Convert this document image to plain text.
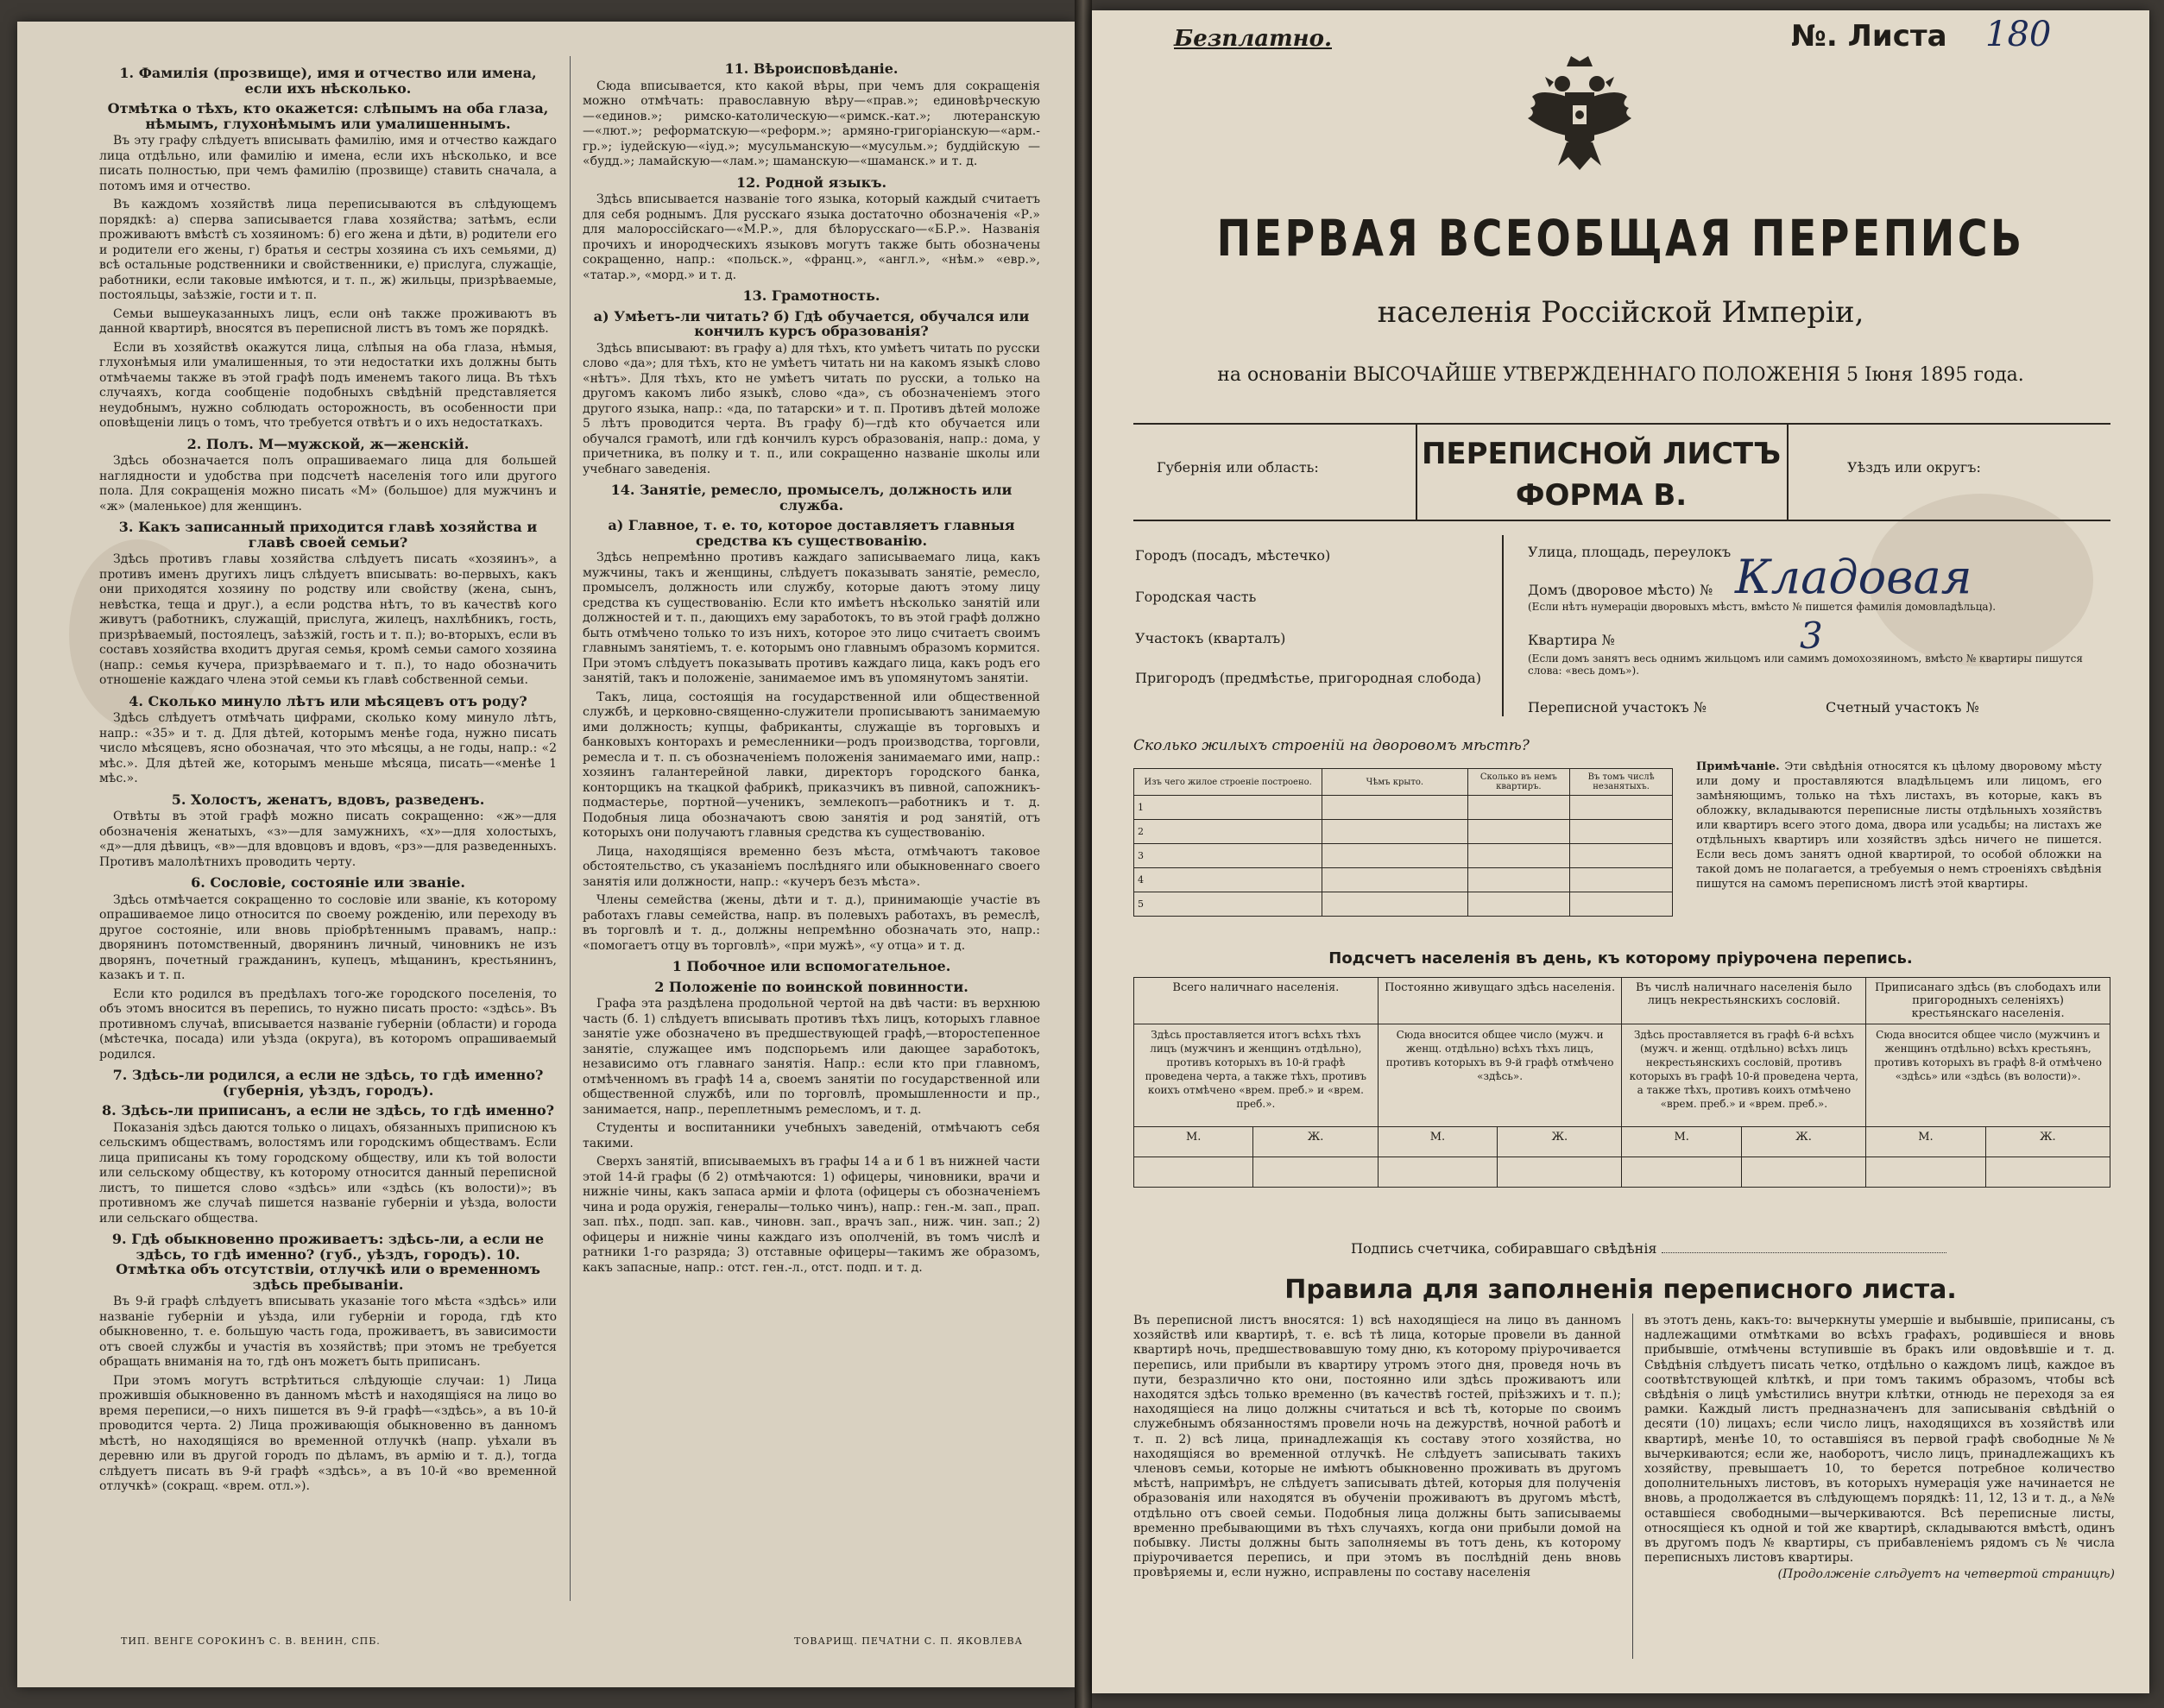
1. Фамилія (прозвище), имя и отчество или имена, если ихъ нѣсколько.
Отмѣтка о тѣхъ, кто окажется: слѣпымъ на оба глаза, нѣмымъ, глухонѣмымъ или умалишеннымъ.

Въ эту графу слѣдуетъ вписывать фамилію, имя и отчество каждаго лица отдѣльно, или фамилію и имена, если ихъ нѣсколько, и все писать полностью, при чемъ фамилію (прозвище) ставить сначала, а потомъ имя и отчество.

Въ каждомъ хозяйствѣ лица переписываются въ слѣдующемъ порядкѣ: а) сперва записывается глава хозяйства; затѣмъ, если проживаютъ вмѣстѣ съ хозяиномъ: б) его жена и дѣти, в) родители его и родители его жены, г) братья и сестры хозяина съ ихъ семьями, д) всѣ остальные родственники и свойственники, е) прислуга, служащіе, работники, если таковые имѣются, и т. п., ж) жильцы, призрѣваемые, постояльцы, заѣзжіе, гости и т. п.

Семьи вышеуказанныхъ лицъ, если онѣ также проживаютъ въ данной квартирѣ, вносятся въ переписной листъ въ томъ же порядкѣ.

Если въ хозяйствѣ окажутся лица, слѣпыя на оба глаза, нѣмыя, глухонѣмыя или умалишенныя, то эти недостатки ихъ должны быть отмѣчаемы также въ этой графѣ подъ именемъ такого лица. Въ тѣхъ случаяхъ, когда сообщеніе подобныхъ свѣдѣній представляется неудобнымъ, нужно соблюдать осторожность, въ особенности при оповѣщеніи лицъ о томъ, что требуется отвѣтъ и о ихъ недостаткахъ.

2. Полъ. М—мужской, ж—женскій.

Здѣсь обозначается полъ опрашиваемаго лица для большей наглядности и удобства при подсчетѣ населенія того или другого пола. Для сокращенія можно писать «М» (большое) для мужчинъ и «ж» (маленькое) для женщинъ.

3. Какъ записанный приходится главѣ хозяйства и главѣ своей семьи?

Здѣсь противъ главы хозяйства слѣдуетъ писать «хозяинъ», а противъ именъ другихъ лицъ слѣдуетъ вписывать: во-первыхъ, какъ они приходятся хозяину по родству или свойству (жена, сынъ, невѣстка, теща и друг.), а если родства нѣтъ, то въ качествѣ кого живутъ (работникъ, служащій, прислуга, жилецъ, нахлѣбникъ, гость, призрѣваемый, постоялецъ, заѣзжій, гость и т. п.); во-вторыхъ, если въ составъ хозяйства входитъ другая семья, кромѣ семьи самого хозяина (напр.: семья кучера, призрѣваемаго и т. п.), то надо обозначить отношеніе каждаго члена этой семьи къ главѣ собственной семьи.

4. Сколько минуло лѣтъ или мѣсяцевъ отъ роду?

Здѣсь слѣдуетъ отмѣчать цифрами, сколько кому минуло лѣтъ, напр.: «35» и т. д. Для дѣтей, которымъ менѣе года, нужно писать число мѣсяцевъ, ясно обозначая, что это мѣсяцы, а не годы, напр.: «2 мѣс.». Для дѣтей же, которымъ меньше мѣсяца, писать—«менѣе 1 мѣс.».

5. Холостъ, женатъ, вдовъ, разведенъ.

Отвѣты въ этой графѣ можно писать сокращенно: «ж»—для обозначенія женатыхъ, «з»—для замужнихъ, «х»—для холостыхъ, «д»—для дѣвицъ, «в»—для вдовцовъ и вдовъ, «рз»—для разведенныхъ. Противъ малолѣтнихъ проводить черту.

6. Сословіе, состояніе или званіе.

Здѣсь отмѣчается сокращенно то сословіе или званіе, къ которому опрашиваемое лицо относится по своему рожденію, или переходу въ другое состояніе, или вновь пріобрѣтеннымъ правамъ, напр.: дворянинъ потомственный, дворянинъ личный, чиновникъ не изъ дворянъ, почетный гражданинъ, купецъ, мѣщанинъ, крестьянинъ, казакъ и т. п.

Если кто родился въ предѣлахъ того-же городского поселенія, то объ этомъ вносится въ перепись, то нужно писать просто: «здѣсь». Въ противномъ случаѣ, вписывается названіе губерніи (области) и города (мѣстечка, посада) или уѣзда (округа), въ которомъ опрашиваемый родился.

7. Здѣсь-ли родился, а если не здѣсь, то гдѣ именно? (губернія, уѣздъ, городъ).
8. Здѣсь-ли приписанъ, а если не здѣсь, то гдѣ именно?

Показанія здѣсь даются только о лицахъ, обязанныхъ приписною къ сельскимъ обществамъ, волостямъ или городскимъ обществамъ. Если лица приписаны къ тому городскому обществу, или къ той волости или сельскому обществу, къ которому относится данный переписной листъ, то пишется слово «здѣсь» или «здѣсь (къ волости)»; въ противномъ же случаѣ пишется названіе губерніи и уѣзда, волости или сельскаго общества.

9. Гдѣ обыкновенно проживаетъ: здѣсь-ли, а если не здѣсь, то гдѣ именно? (губ., уѣздъ, городъ). 10. Отмѣтка объ отсутствіи, отлучкѣ или о временномъ здѣсь пребываніи.

Въ 9-й графѣ слѣдуетъ вписывать указаніе того мѣста «здѣсь» или названіе губерніи и уѣзда, или губерніи и города, гдѣ кто обыкновенно, т. е. большую часть года, проживаетъ, въ зависимости отъ своей службы и участія въ хозяйствѣ; при этомъ не требуется обращать вниманія на то, гдѣ онъ можетъ быть приписанъ.

При этомъ могутъ встрѣтиться слѣдующіе случаи: 1) Лица прожившія обыкновенно въ данномъ мѣстѣ и находящіяся на лицо во время переписи,—о нихъ пишется въ 9-й графѣ—«здѣсь», а въ 10-й проводится черта. 2) Лица проживающія обыкновенно въ данномъ мѣстѣ, но находящіяся во временной отлучкѣ (напр. уѣхали въ деревню или въ другой городъ по дѣламъ, въ армію и т. д.), тогда слѣдуетъ писать въ 9-й графѣ «здѣсь», а въ 10-й «во временной отлучкѣ» (сокращ. «врем. отл.»).

11. Вѣроисповѣданіе.

Сюда вписывается, кто какой вѣры, при чемъ для сокращенія можно отмѣчать: православную вѣру—«прав.»; единовѣрческую—«единов.»; римско-католическую—«римск.-кат.»; лютеранскую—«лют.»; реформатскую—«реформ.»; армяно-григоріанскую—«арм.-гр.»; іудейскую—«іуд.»; мусульманскую—«мусульм.»; буддійскую — «будд.»; ламайскую—«лам.»; шаманскую—«шаманск.» и т. д.

12. Родной языкъ.

Здѣсь вписывается названіе того языка, который каждый считаетъ для себя роднымъ. Для русскаго языка достаточно обозначенія «Р.» для малороссійскаго—«М.Р.», для бѣлорусскаго—«Б.Р.». Названія прочихъ и инородческихъ языковъ могутъ также быть обозначены сокращенно, напр.: «польск.», «франц.», «англ.», «нѣм.» «евр.», «татар.», «морд.» и т. д.

13. Грамотность.
а) Умѣетъ-ли читать? б) Гдѣ обучается, обучался или кончилъ курсъ образованія?

Здѣсь вписывают: въ графу а) для тѣхъ, кто умѣетъ читать по русски слово «да»; для тѣхъ, кто не умѣетъ читать ни на какомъ языкѣ слово «нѣтъ». Для тѣхъ, кто не умѣетъ читать по русски, а только на другомъ какомъ либо языкѣ, слово «да», съ обозначеніемъ этого другого языка, напр.: «да, по татарски» и т. п. Противъ дѣтей моложе 5 лѣтъ проводится черта. Въ графу б)—гдѣ кто обучается или обучался грамотѣ, или гдѣ кончилъ курсъ образованія, напр.: дома, у причетника, въ полку и т. п., или сокращенно названіе школы или учебнаго заведенія.

14. Занятіе, ремесло, промыселъ, должность или служба.
а) Главное, т. е. то, которое доставляетъ главныя средства къ существованію.

Здѣсь непремѣнно противъ каждаго записываемаго лица, какъ мужчины, такъ и женщины, слѣдуетъ показывать занятіе, ремесло, промыселъ, должность или службу, которые даютъ этому лицу средства къ существованію. Если кто имѣетъ нѣсколько занятій или должностей и т. п., дающихъ ему заработокъ, то въ этой графѣ должно быть отмѣчено только то изъ нихъ, которое это лицо считаетъ своимъ главнымъ занятіемъ, т. е. которымъ оно главнымъ образомъ кормится. При этомъ слѣдуетъ показывать противъ каждаго лица, какъ родъ его занятій, такъ и положеніе, занимаемое имъ въ упомянутомъ занятіи.

Такъ, лица, состоящія на государственной или общественной службѣ, и церковно-священно-служители прописываютъ занимаемую ими должность; купцы, фабриканты, служащіе въ торговыхъ и банковыхъ конторахъ и ремесленники—родъ производства, торговли, ремесла и т. п. съ обозначеніемъ положенія занимаемаго ими, напр.: хозяинъ галантерейной лавки, директоръ городского банка, конторщикъ на ткацкой фабрикѣ, приказчикъ въ пивной, сапожникъ-подмастерье, портной—ученикъ, землекопъ—работникъ и т. д. Подобныя лица обозначаютъ свою занятія и род занятій, отъ которыхъ они получаютъ главныя средства къ существованію.

Лица, находящіяся временно безъ мѣста, отмѣчаютъ таковое обстоятельство, съ указаніемъ послѣдняго или обыкновеннаго своего занятія или должности, напр.: «кучеръ безъ мѣста».

Члены семейства (жены, дѣти и т. д.), принимающіе участіе въ работахъ главы семейства, напр. въ полевыхъ работахъ, въ ремеслѣ, въ торговлѣ и т. д., должны непремѣнно обозначать это, напр.: «помогаетъ отцу въ торговлѣ», «при мужѣ», «у отца» и т. д.

1 Побочное или вспомогательное.
2 Положеніе по воинской повинности.

Графа эта раздѣлена продольной чертой на двѣ части: въ верхнюю часть (б. 1) слѣдуетъ вписывать противъ тѣхъ лицъ, которыхъ главное занятіе уже обозначено въ предшествующей графѣ,—второстепенное занятіе, служащее имъ подспорьемъ или дающее заработокъ, независимо отъ главнаго занятія. Напр.: если кто при главномъ, отмѣченномъ въ графѣ 14 а, своемъ занятіи по государственной или общественной службѣ, или по торговлѣ, промышленности и пр., занимается, напр., переплетнымъ ремесломъ, и т. д.

Студенты и воспитанники учебныхъ заведеній, отмѣчаютъ себя такими.

Сверхъ занятій, вписываемыхъ въ графы 14 а и б 1 въ нижней части этой 14-й графы (б 2) отмѣчаются: 1) офицеры, чиновники, врачи и нижніе чины, какъ запаса арміи и флота (офицеры съ обозначеніемъ чина и рода оружія, генералы—только чинъ), напр.: ген.-м. зап., прап. зап. пѣх., подп. зап. кав., чиновн. зап., врачъ зап., ниж. чин. зап.; 2) офицеры и нижніе чины каждаго изъ ополченій, въ томъ числѣ и ратники 1-го разряда; 3) отставные офицеры—такимъ же образомъ, какъ запасные, напр.: отст. ген.-л., отст. подп. и т. д.

ТИП. ВЕНГЕ СОРОКИНЪ С. В. ВЕНИН, СПБ.	ТОВАРИЩ. ПЕЧАТНИ С. П. ЯКОВЛЕВА
Безплатно.	№. Листа 180
ПЕРВАЯ ВСЕОБЩАЯ ПЕРЕПИСЬ
населенія Россійской Имперіи,
на основаніи ВЫСОЧАЙШЕ УТВЕРЖДЕННАГО ПОЛОЖЕНІЯ 5 Іюня 1895 года.
Губернія или область:	ПЕРЕПИСНОЙ ЛИСТЪ
ФОРМА В.
Уѣздъ или округъ:
Городъ (посадъ, мѣстечко)
Городская часть
Участокъ (кварталъ)
Пригородъ (предмѣстье, пригородная слобода)
Улица, площадь, переулокъ
Домъ (дворовое мѣсто) №
(Если нѣтъ нумераціи дворовыхъ мѣстъ, вмѣсто № пишется фамилія домовладѣльца).
Квартира №
(Если домъ занятъ весь однимъ жильцомъ или самимъ домохозяиномъ, вмѣсто № квартиры пишутся слова: «весь домъ»).
Переписной участокъ №	Счетный участокъ №
Кладовая
3
Сколько жилыхъ строеній на дворовомъ мѣстѣ?
Изъ чего жилое строеніе построено.	Чѣмъ крыто.	Сколько въ немъ квартиръ.	Въ томъ числѣ незанятыхъ.
1			
2			
3			
4			
5			
Примѣчаніе. Эти свѣдѣнія относятся къ цѣлому дворовому мѣсту или дому и проставляются владѣльцемъ или лицомъ, его замѣняющимъ, только на тѣхъ листахъ, въ которые, какъ въ обложку, вкладываются переписные листы отдѣльныхъ хозяйствъ или квартиръ всего этого дома, двора или усадьбы; на листахъ же отдѣльныхъ квартиръ или хозяйствъ здѣсь ничего не пишется. Если весь домъ занятъ одной квартирой, то особой обложки на такой домъ не полагается, а требуемыя о немъ строеніяхъ свѣдѣнія пишутся на самомъ переписномъ листѣ этой квартиры.
Подсчетъ населенія въ день, къ которому пріурочена перепись.
Всего наличнаго населенія.		Постоянно живущаго здѣсь населенія.		Въ числѣ наличнаго населенія было лицъ некрестьянскихъ сословій.		Приписанаго здѣсь (въ слободахъ или пригородныхъ селеніяхъ) крестьянскаго населенія.	
Здѣсь проставляется итогъ всѣхъ тѣхъ лицъ (мужчинъ и женщинъ отдѣльно), противъ которыхъ въ 10-й графѣ проведена черта, а также тѣхъ, противъ коихъ отмѣчено «врем. преб.» и «врем. преб.».		Сюда вносится общее число (мужч. и женщ. отдѣльно) всѣхъ тѣхъ лицъ, противъ которыхъ въ 9-й графѣ отмѣчено «здѣсь».		Здѣсь проставляется въ графѣ 6-й всѣхъ (мужч. и женщ. отдѣльно) всѣхъ лицъ некрестьянскихъ сословій, противъ которыхъ въ графѣ 10-й проведена черта, а также тѣхъ, противъ коихъ отмѣчено «врем. преб.» и «врем. преб.».		Сюда вносится общее число (мужчинъ и женщинъ отдѣльно) всѣхъ крестьянъ, противъ которыхъ въ графѣ 8-й отмѣчено «здѣсь» или «здѣсь (въ волости)».	
М.	Ж.	М.	Ж.	М.	Ж.	М.	Ж.

Подпись счетчика, собиравшаго свѣдѣнія
Правила для заполненія переписного листа.
Въ переписной листъ вносятся: 1) всѣ находящіеся на лицо въ данномъ хозяйствѣ или квартирѣ, т. е. всѣ тѣ лица, которые провели въ данной квартирѣ ночь, предшествовавшую тому дню, къ которому пріурочивается перепись, или прибыли въ квартиру утромъ этого дня, проведя ночь въ пути, безразлично кто они, постоянно или здѣсь проживаютъ или находятся здѣсь только временно (въ качествѣ гостей, пріѣзжихъ и т. п.); находящіеся на лицо должны считаться и всѣ тѣ, которые по своимъ служебнымъ обязанностямъ провели ночь на дежурствѣ, ночной работѣ и т. п. 2) всѣ лица, принадлежащія къ составу этого хозяйства, но находящіяся во временной отлучкѣ. Не слѣдуетъ записывать такихъ членовъ семьи, которые не имѣютъ обыкновенно проживать въ другомъ мѣстѣ, напримѣръ, не слѣдуетъ записывать дѣтей, которыя для полученія образованія или находятся въ обученіи проживаютъ въ другомъ мѣстѣ, отдѣльно отъ своей семьи. Подобныя лица должны быть записываемы временно пребывающими въ тѣхъ случаяхъ, когда они прибыли домой на побывку. Листы должны быть заполняемы въ тотъ день, къ которому пріурочивается перепись, и при этомъ въ послѣдній день вновь провѣряемы и, если нужно, исправлены по составу населенія
въ этотъ день, какъ-то: вычеркнуты умершіе и выбывшіе, приписаны, съ надлежащими отмѣтками во всѣхъ графахъ, родившіеся и вновь прибывшіе, отмѣчены вступившіе въ бракъ или овдовѣвшіе и т. д. Свѣдѣнія слѣдуетъ писать четко, отдѣльно о каждомъ лицѣ, каждое въ соотвѣтствующей клѣткѣ, и при томъ такимъ образомъ, чтобы всѣ свѣдѣнія о лицѣ умѣстились внутри клѣтки, отнюдь не переходя за ея рамки. Каждый листъ предназначенъ для записыванія свѣдѣній о десяти (10) лицахъ; если число лицъ, находящихся въ хозяйствѣ или квартирѣ, менѣе 10, то оставшіяся въ первой графѣ свободные №№ вычеркиваются; если же, наоборотъ, число лицъ, принадлежащихъ къ хозяйству, превышаетъ 10, то берется потребное количество дополнительныхъ листовъ, въ которыхъ нумерація уже начинается не вновь, а продолжается въ слѣдующемъ порядкѣ: 11, 12, 13 и т. д., а №№ оставшіеся свободными—вычеркиваются. Всѣ переписные листы, относящіеся къ одной и той же квартирѣ, складываются вмѣстѣ, одинъ въ другомъ подъ № квартиры, съ прибавленіемъ рядомъ съ № числа переписныхъ листовъ квартиры.
(Продолженіе слѣдуетъ на четвертой страницѣ)
